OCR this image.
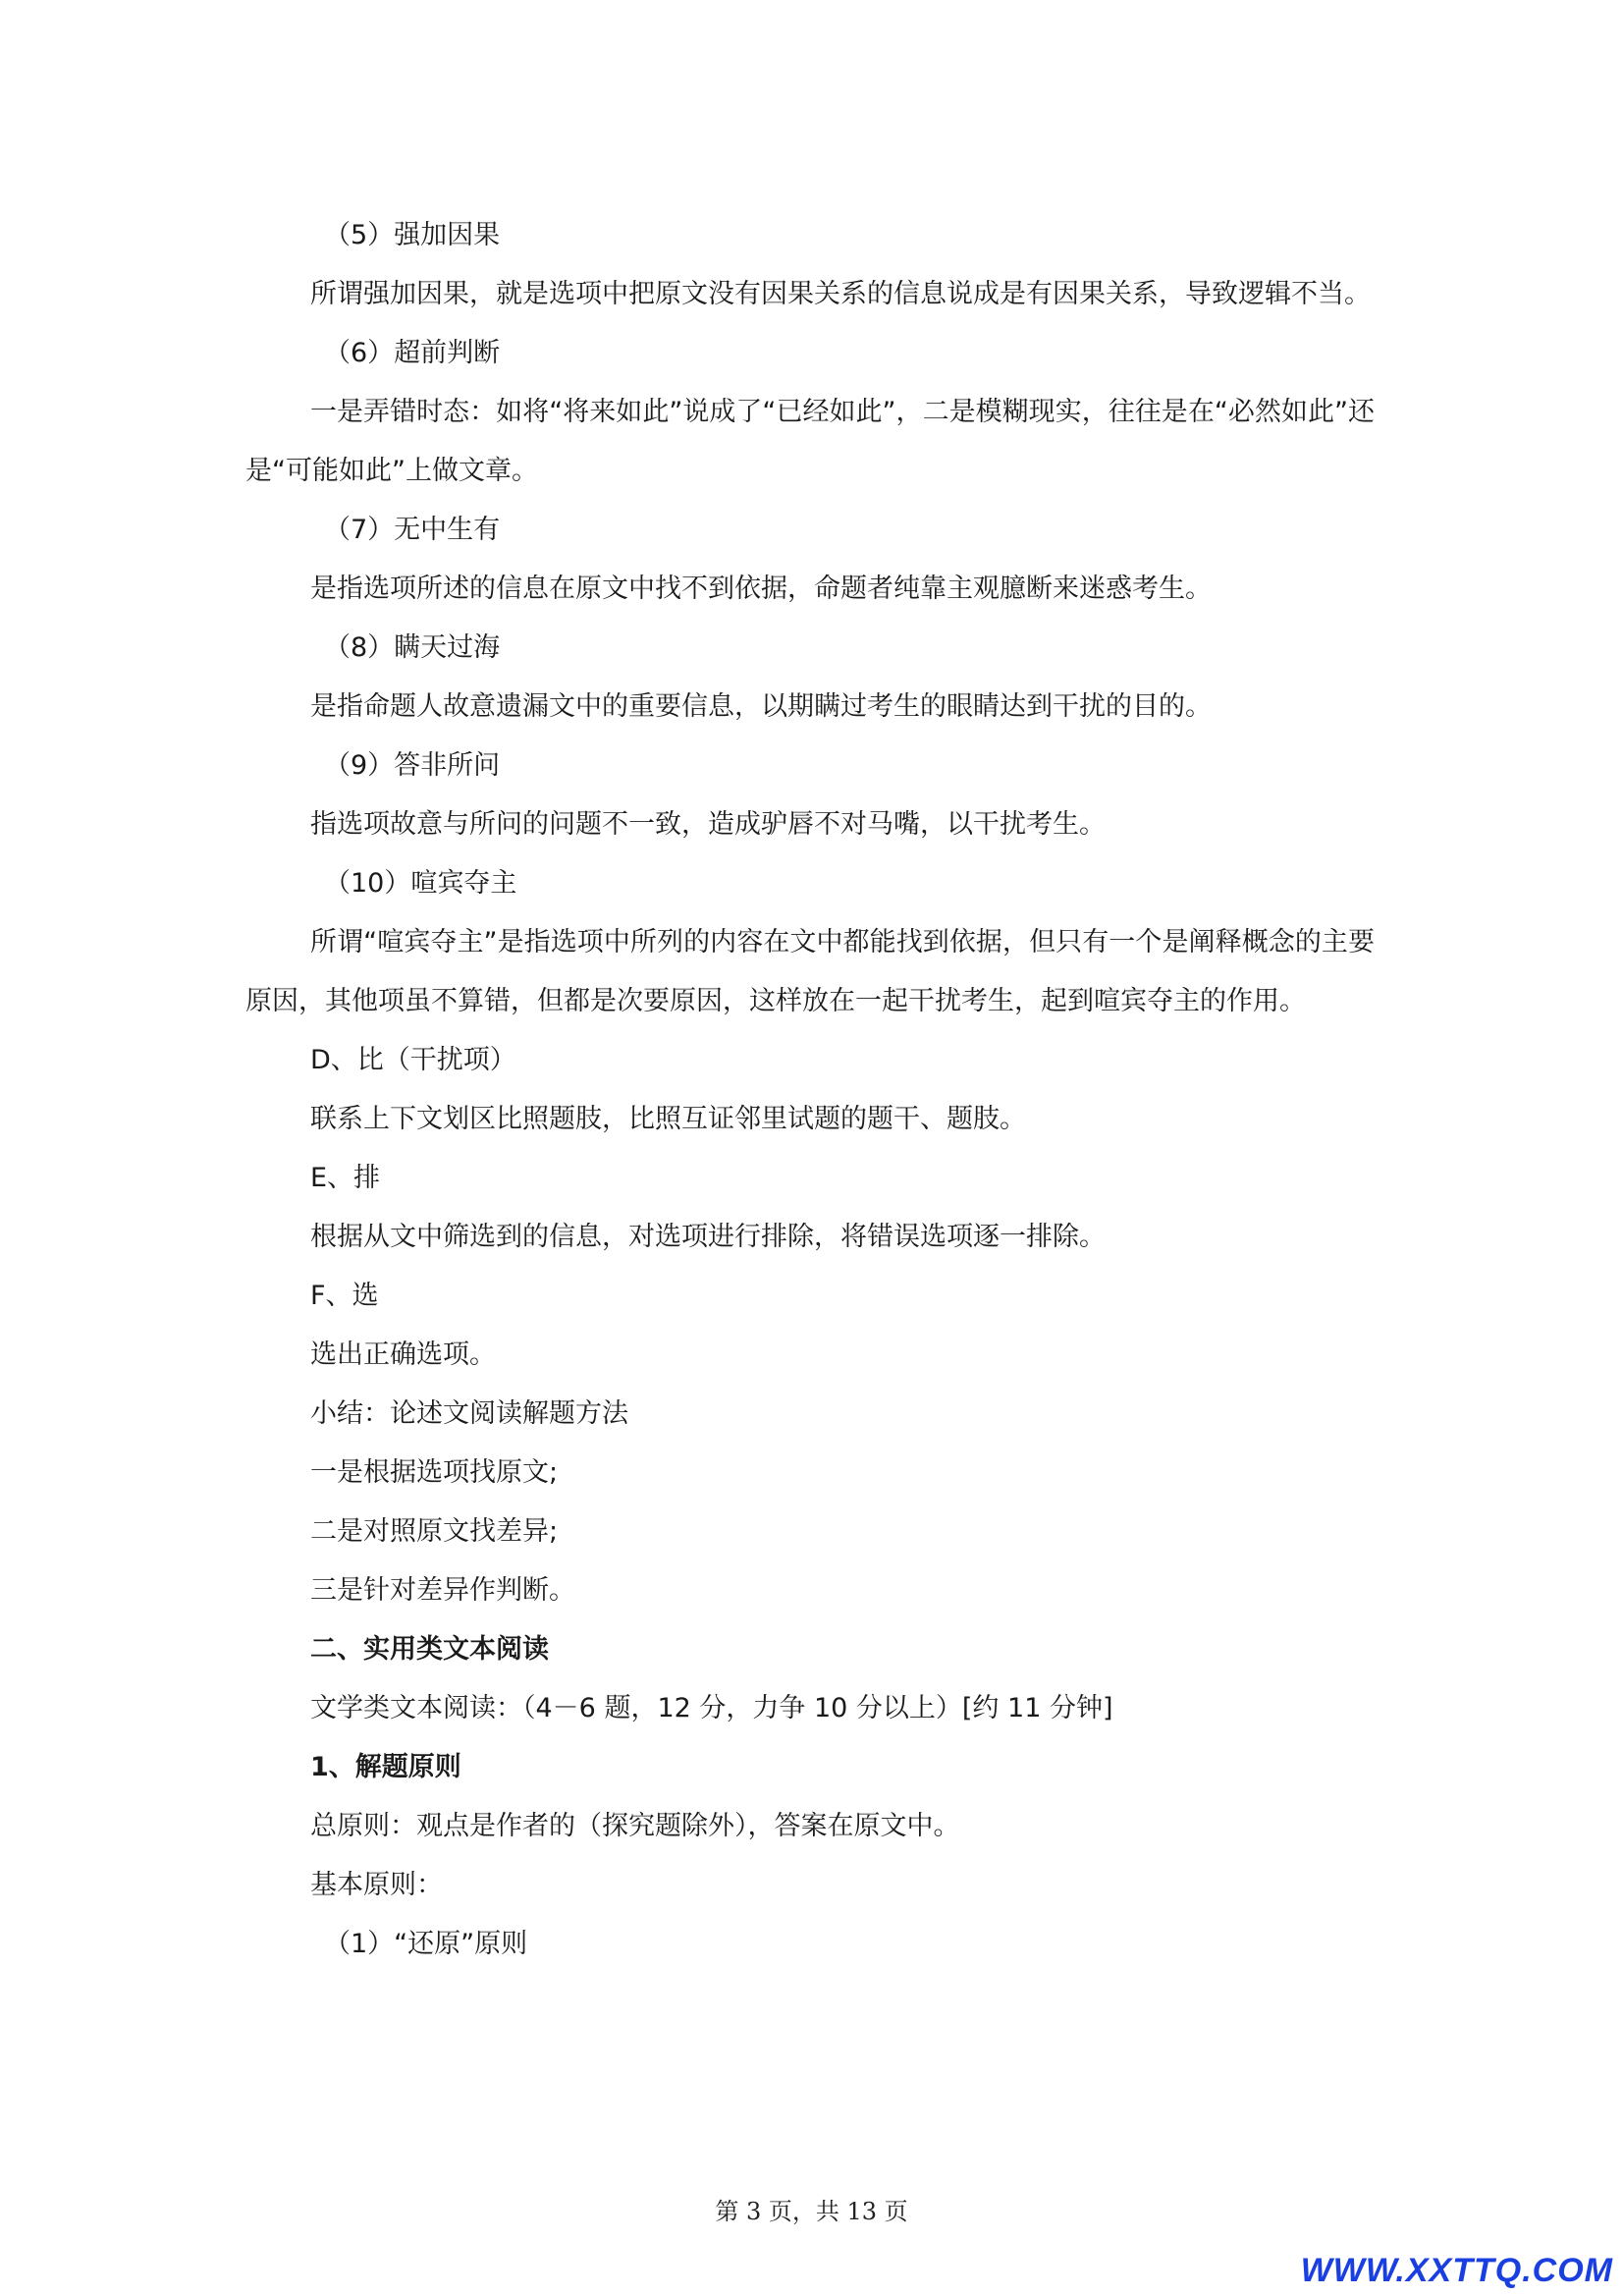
（5）强加因果
所谓强加因果，就是选项中把原文没有因果关系的信息说成是有因果关系，导致逻辑不当。
（6）超前判断
一是弄错时态：如将“将来如此”说成了“已经如此”，二是模糊现实，往往是在“必然如此”还是“可能如此”上做文章。
（7）无中生有
是指选项所述的信息在原文中找不到依据，命题者纯靠主观臆断来迷惑考生。
（8）瞒天过海
是指命题人故意遗漏文中的重要信息，以期瞒过考生的眼睛达到干扰的目的。
（9）答非所问
指选项故意与所问的问题不一致，造成驴唇不对马嘴，以干扰考生。
（10）喧宾夺主
所谓“喧宾夺主”是指选项中所列的内容在文中都能找到依据，但只有一个是阐释概念的主要原因，其他项虽不算错，但都是次要原因，这样放在一起干扰考生，起到喧宾夺主的作用。
D、比（干扰项）
联系上下文划区比照题肢，比照互证邻里试题的题干、题肢。
E、排
根据从文中筛选到的信息，对选项进行排除，将错误选项逐一排除。
F、选
选出正确选项。
小结：论述文阅读解题方法
一是根据选项找原文;
二是对照原文找差异;
三是针对差异作判断。
二、实用类文本阅读
文学类文本阅读：（4－6 题，12 分，力争 10 分以上）[约 11 分钟]
1、解题原则
总原则：观点是作者的（探究题除外），答案在原文中。
基本原则：
（1）“还原”原则
第 3 页，共 13 页
WWW.XXTTQ.COM
